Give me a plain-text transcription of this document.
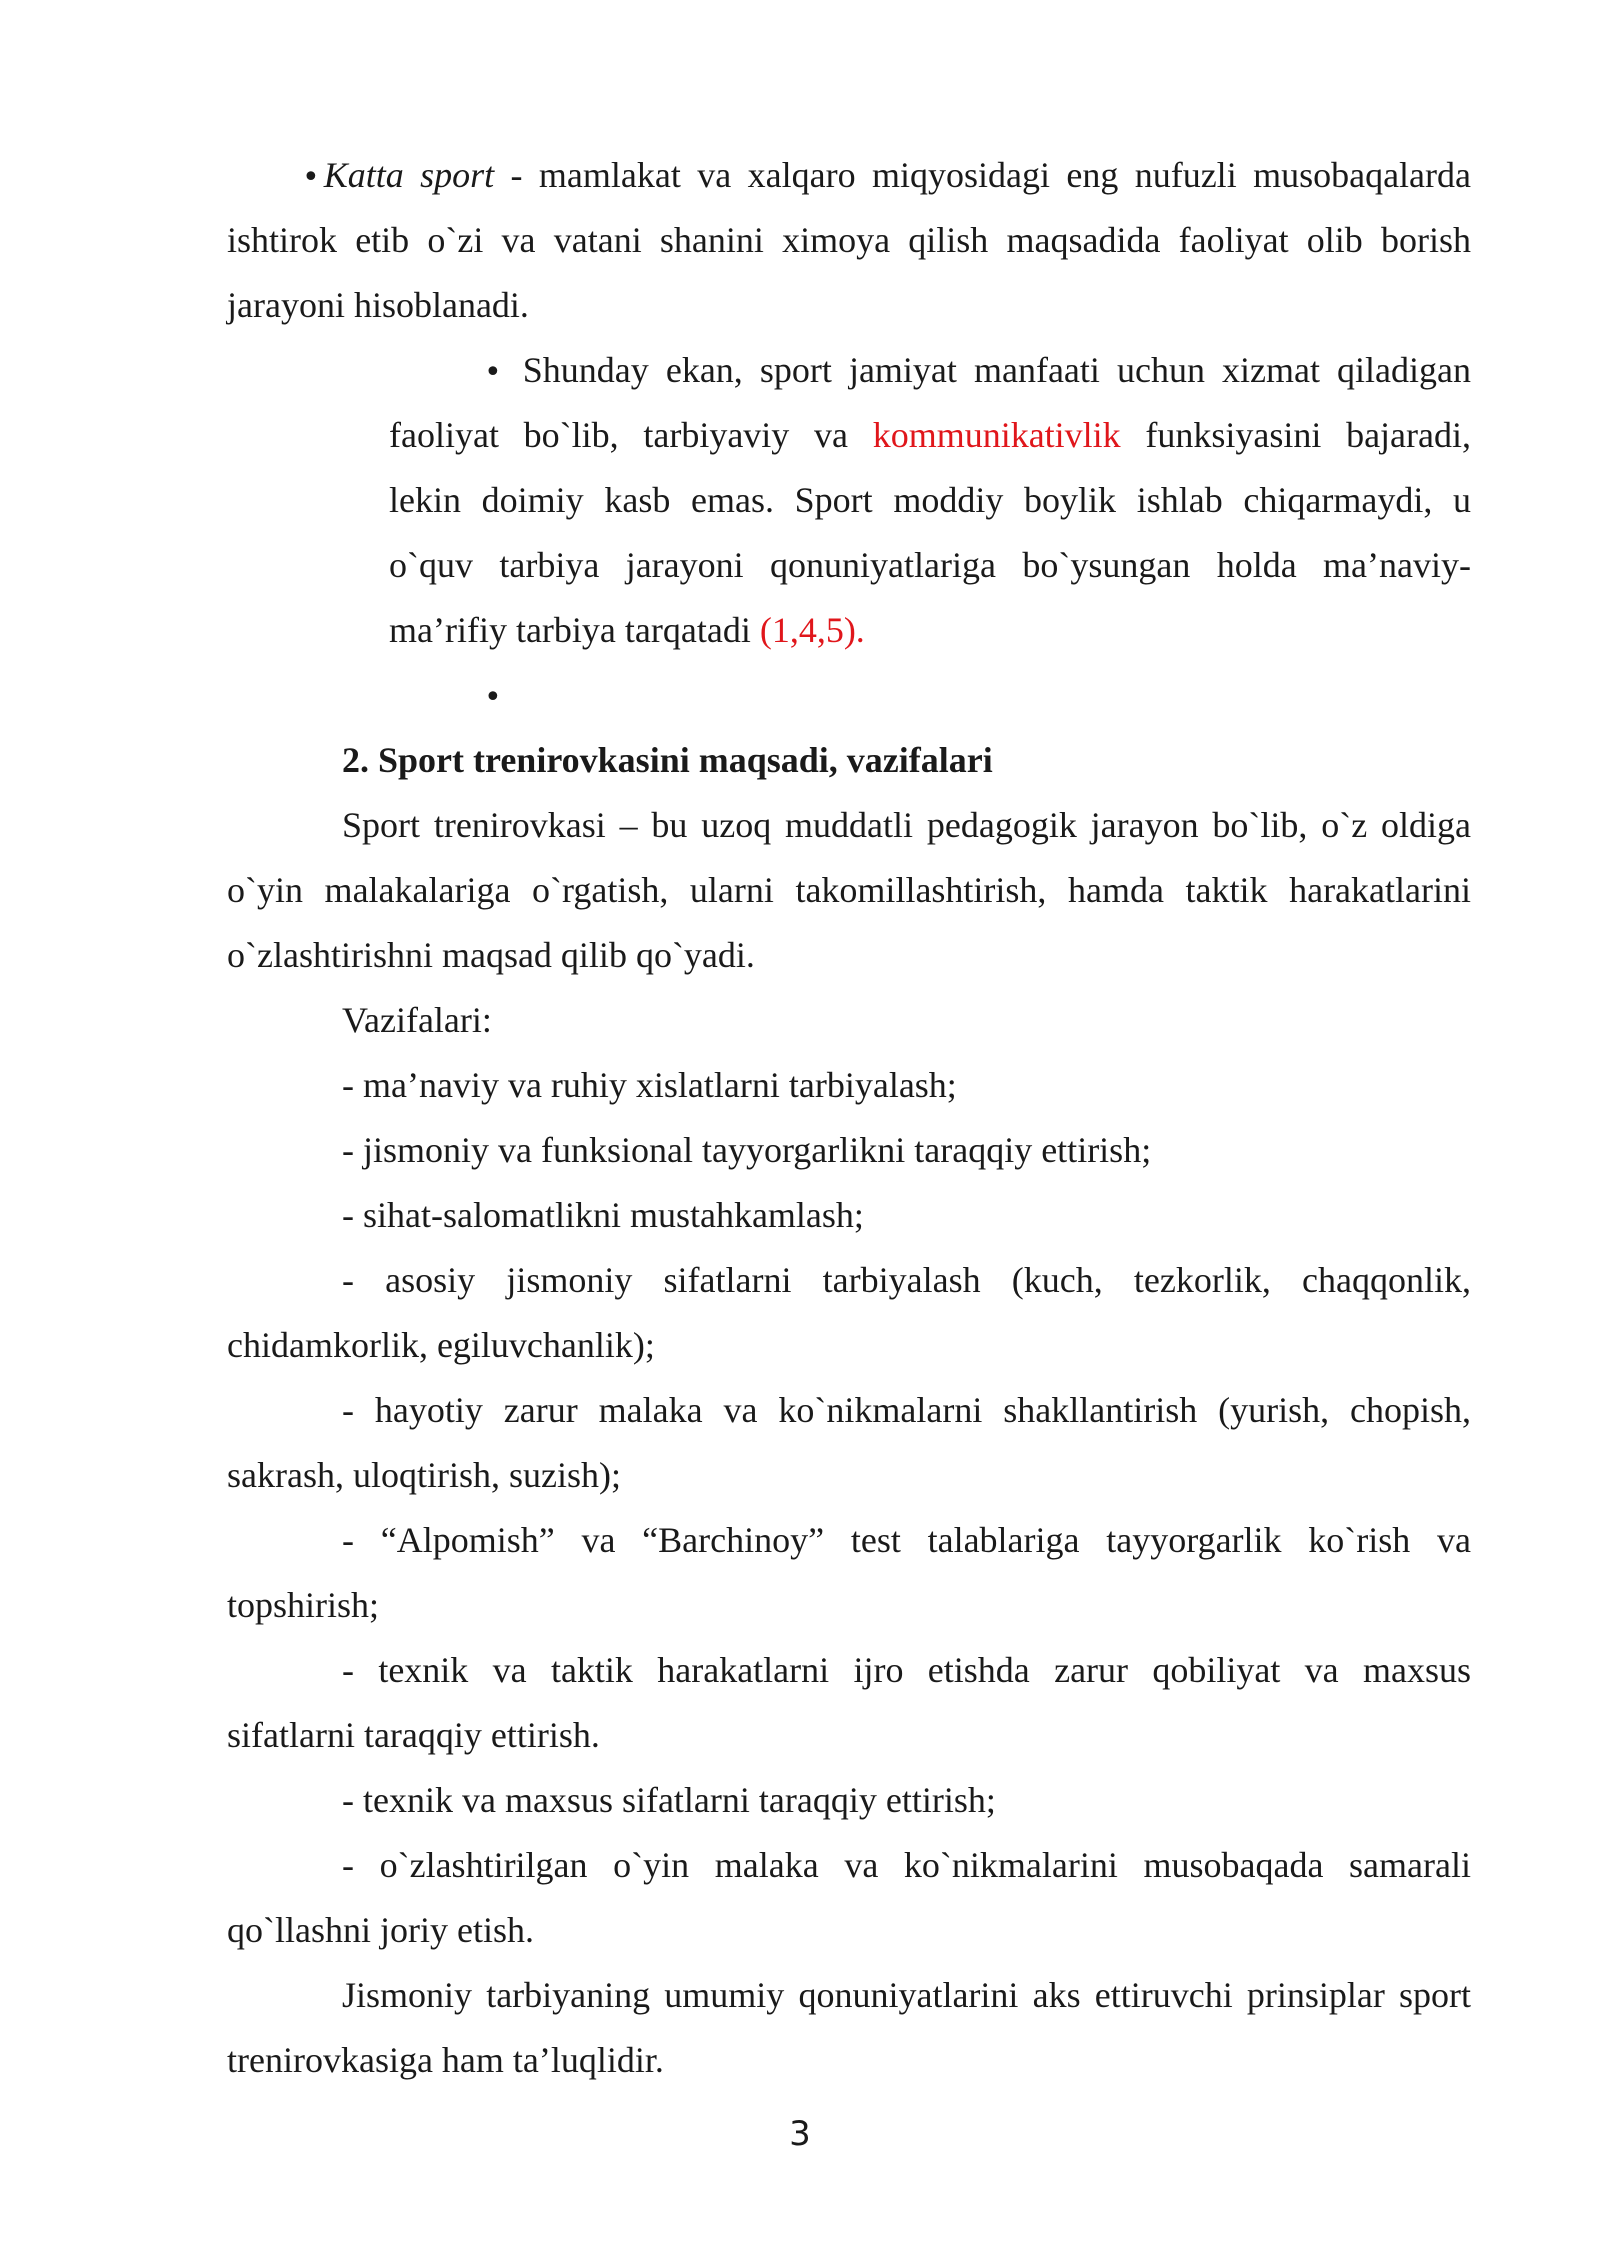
• Katta sport - mamlakat va xalqaro miqyosidagi eng nufuzli musobaqalarda
ishtirok etib o`zi va vatani shanini ximoya qilish maqsadida faoliyat olib borish
jarayoni hisoblanadi.
• Shunday ekan, sport jamiyat manfaati uchun xizmat qiladigan
faoliyat bo`lib, tarbiyaviy va kommunikativlik funksiyasini bajaradi,
lekin doimiy kasb emas. Sport moddiy boylik ishlab chiqarmaydi, u
o`quv tarbiya jarayoni qonuniyatlariga bo`ysungan holda ma’naviy-
ma’rifiy tarbiya tarqatadi (1,4,5).
•
2. Sport trenirovkasini maqsadi, vazifalari
Sport trenirovkasi – bu uzoq muddatli pedagogik jarayon bo`lib, o`z oldiga
o`yin malakalariga o`rgatish, ularni takomillashtirish, hamda taktik harakatlarini
o`zlashtirishni maqsad qilib qo`yadi.
Vazifalari:
- ma’naviy va ruhiy xislatlarni tarbiyalash;
- jismoniy va funksional tayyorgarlikni taraqqiy ettirish;
- sihat-salomatlikni mustahkamlash;
- asosiy jismoniy sifatlarni tarbiyalash (kuch, tezkorlik, chaqqonlik,
chidamkorlik, egiluvchanlik);
- hayotiy zarur malaka va ko`nikmalarni shakllantirish (yurish, chopish,
sakrash, uloqtirish, suzish);
- “Alpomish” va “Barchinoy” test talablariga tayyorgarlik ko`rish va
topshirish;
- texnik va taktik harakatlarni ijro etishda zarur qobiliyat va maxsus
sifatlarni taraqqiy ettirish.
- texnik va maxsus sifatlarni taraqqiy ettirish;
- o`zlashtirilgan o`yin malaka va ko`nikmalarini musobaqada samarali
qo`llashni joriy etish.
Jismoniy tarbiyaning umumiy qonuniyatlarini aks ettiruvchi prinsiplar sport
trenirovkasiga ham ta’luqlidir.
3
